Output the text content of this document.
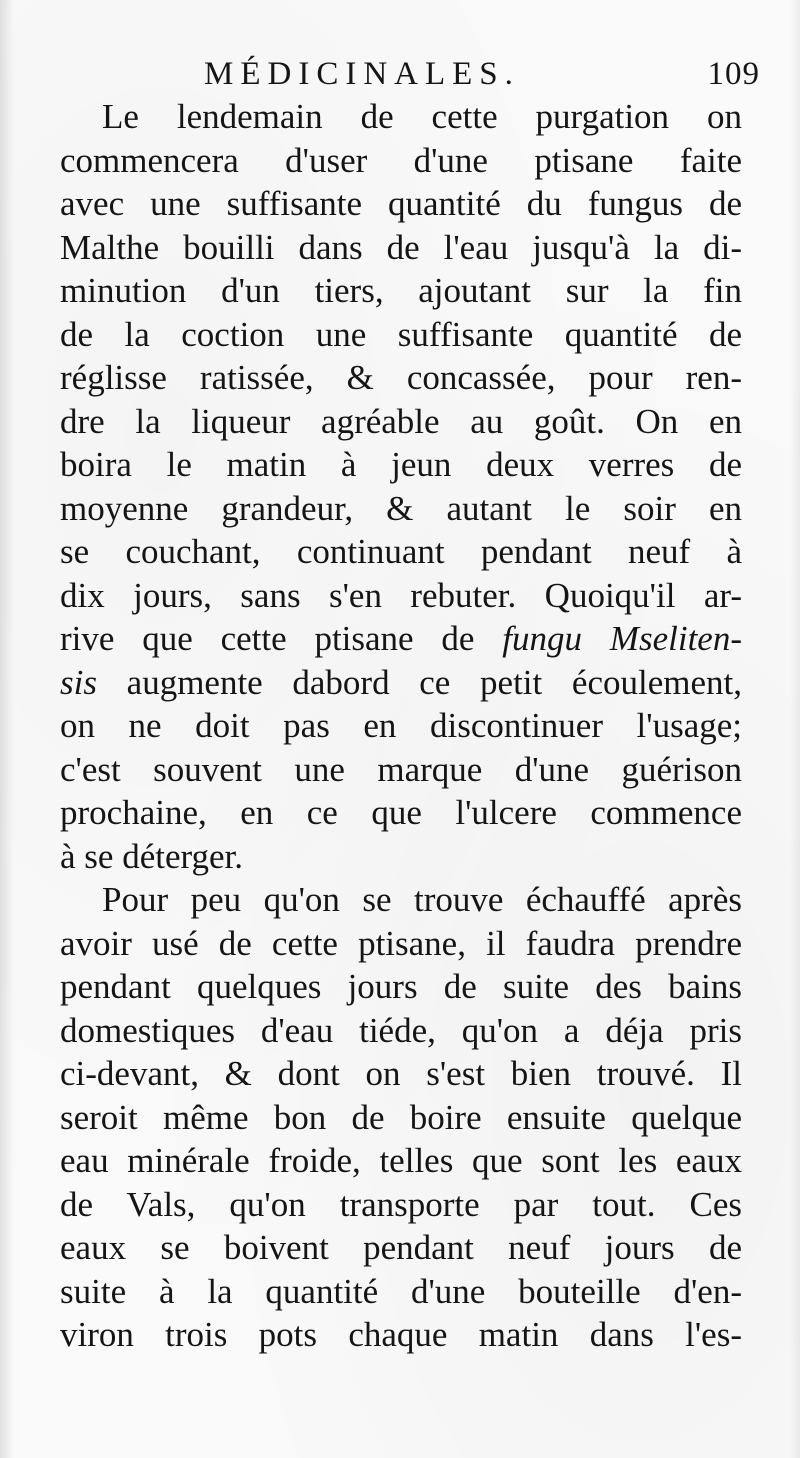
MÉDICINALES.	109
Le lendemain de cette purgation on
commencera d'user d'une ptisane faite
avec une suffisante quantité du fungus de
Malthe bouilli dans de l'eau jusqu'à la di-
minution d'un tiers, ajoutant sur la fin
de la coction une suffisante quantité de
réglisse ratissée, & concassée, pour ren-
dre la liqueur agréable au goût. On en
boira le matin à jeun deux verres de
moyenne grandeur, & autant le soir en
se couchant, continuant pendant neuf à
dix jours, sans s'en rebuter. Quoiqu'il ar-
rive que cette ptisane de fungu Mseliten-
sis augmente dabord ce petit écoulement,
on ne doit pas en discontinuer l'usage;
c'est souvent une marque d'une guérison
prochaine, en ce que l'ulcere commence
à se déterger.
Pour peu qu'on se trouve échauffé après
avoir usé de cette ptisane, il faudra prendre
pendant quelques jours de suite des bains
domestiques d'eau tiéde, qu'on a déja pris
ci-devant, & dont on s'est bien trouvé. Il
seroit même bon de boire ensuite quelque
eau minérale froide, telles que sont les eaux
de Vals, qu'on transporte par tout. Ces
eaux se boivent pendant neuf jours de
suite à la quantité d'une bouteille d'en-
viron trois pots chaque matin dans l'es-
